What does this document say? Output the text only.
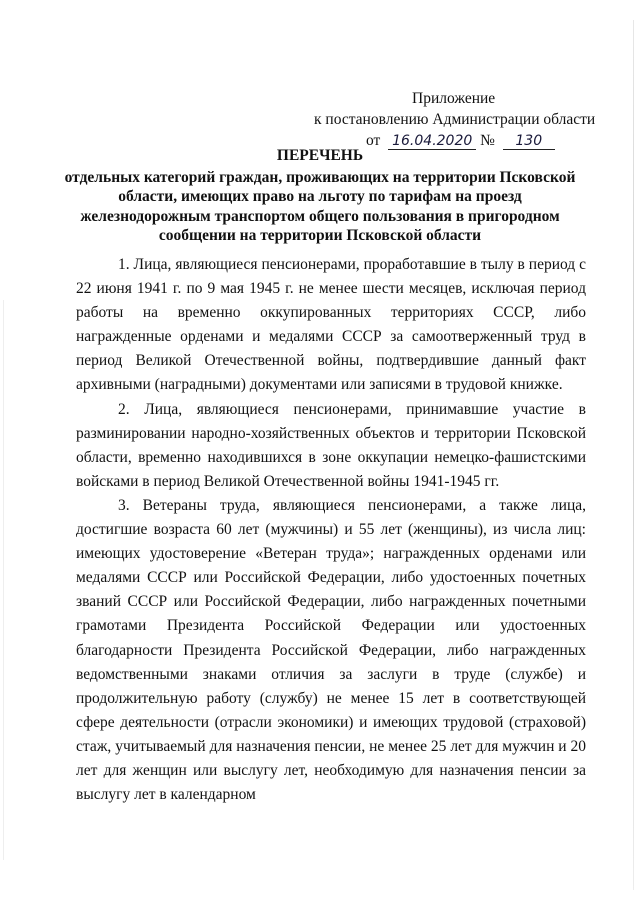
Приложение
к постановлению Администрации области
от 16.04.2020 № 130
ПЕРЕЧЕНЬ
отдельных категорий граждан, проживающих на территории Псковской области, имеющих право на льготу по тарифам на проезд железнодорожным транспортом общего пользования в пригородном сообщении на территории Псковской области

1. Лица, являющиеся пенсионерами, проработавшие в тылу в период с 22 июня 1941 г. по 9 мая 1945 г. не менее шести месяцев, исключая период работы на временно оккупированных территориях СССР, либо награжденные орденами и медалями СССР за самоотверженный труд в период Великой Отечественной войны, подтвердившие данный факт архивными (наградными) документами или записями в трудовой книжке.

2. Лица, являющиеся пенсионерами, принимавшие участие в разминировании народно-хозяйственных объектов и территории Псковской области, временно находившихся в зоне оккупации немецко-фашистскими войсками в период Великой Отечественной войны 1941-1945 гг.

3. Ветераны труда, являющиеся пенсионерами, а также лица, достигшие возраста 60 лет (мужчины) и 55 лет (женщины), из числа лиц: имеющих удостоверение «Ветеран труда»; награжденных орденами или медалями СССР или Российской Федерации, либо удостоенных почетных званий СССР или Российской Федерации, либо награжденных почетными грамотами Президента Российской Федерации или удостоенных благодарности Президента Российской Федерации, либо награжденных ведомственными знаками отличия за заслуги в труде (службе) и продолжительную работу (службу) не менее 15 лет в соответствующей сфере деятельности (отрасли экономики) и имеющих трудовой (страховой) стаж, учитываемый для назначения пенсии, не менее 25 лет для мужчин и 20 лет для женщин или выслугу лет, необходимую для назначения пенсии за выслугу лет в календарном
